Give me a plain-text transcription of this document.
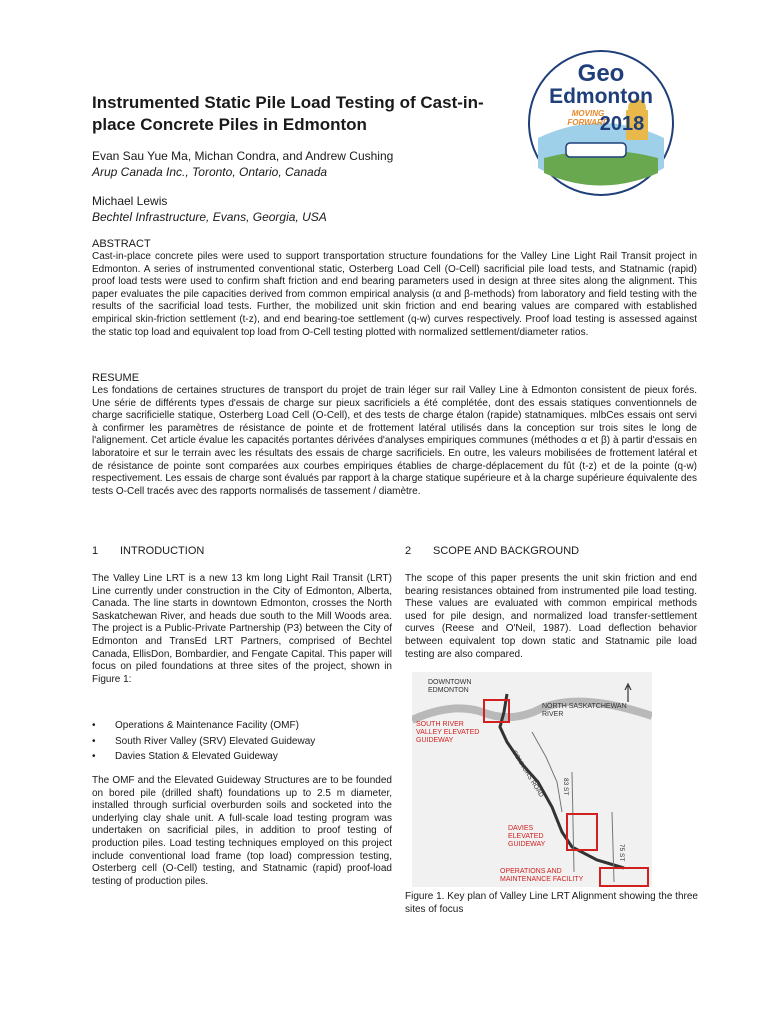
Instrumented Static Pile Load Testing of Cast-in-place Concrete Piles in Edmonton
Geo
Edmonton
MOVING
FORWARD
2018
Evan Sau Yue Ma, Michan Condra, and Andrew Cushing
Arup Canada Inc., Toronto, Ontario, Canada
Michael Lewis
Bechtel Infrastructure, Evans, Georgia, USA
ABSTRACT

Cast-in-place concrete piles were used to support transportation structure foundations for the Valley Line Light Rail Transit project in Edmonton. A series of instrumented conventional static, Osterberg Load Cell (O-Cell) sacrificial pile load tests, and Statnamic (rapid) proof load tests were used to confirm shaft friction and end bearing parameters used in design at three sites along the alignment. This paper evaluates the pile capacities derived from common empirical analysis (α and β-methods) from laboratory and field testing with the results of the sacrificial load tests. Further, the mobilized unit skin friction and end bearing values are compared with established empirical skin-friction settlement (t-z), and end bearing-toe settlement (q-w) curves respectively. Proof load testing is assessed against the static top load and equivalent top load from O-Cell testing plotted with normalized settlement/diameter ratios.

RESUME

Les fondations de certaines structures de transport du projet de train léger sur rail Valley Line à Edmonton consistent de pieux forés. Une série de différents types d'essais de charge sur pieux sacrificiels a été complétée, dont des essais statiques conventionnels de charge sacrificielle statique, Osterberg Load Cell (O-Cell), et des tests de charge étalon (rapide) statnamiques. mlbCes essais ont servi à confirmer les paramètres de résistance de pointe et de frottement latéral utilisés dans la conception sur trois sites le long de l'alignement. Cet article évalue les capacités portantes dérivées d'analyses empiriques communes (méthodes α et β) à partir d'essais en laboratoire et sur le terrain avec les résultats des essais de charge sacrificiels. En outre, les valeurs mobilisées de frottement latéral et de résistance de pointe sont comparées aux courbes empiriques établies de charge-déplacement du fût (t-z) et de la pointe (q-w) respectivement. Les essais de charge sont évalués par rapport à la charge statique supérieure et à la charge supérieure équivalente des tests O-Cell tracés avec des rapports normalisés de tassement / diamètre.

1 INTRODUCTION	2 SCOPE AND BACKGROUND

The Valley Line LRT is a new 13 km long Light Rail Transit (LRT) Line currently under construction in the City of Edmonton, Alberta, Canada. The line starts in downtown Edmonton, crosses the North Saskatchewan River, and heads due south to the Mill Woods area. The project is a Public-Private Partnership (P3) between the City of Edmonton and TransEd LRT Partners, comprised of Bechtel Canada, EllisDon, Bombardier, and Fengate Capital. This paper will focus on piled foundations at three sites of the project, shown in Figure 1:

• Operations & Maintenance Facility (OMF)
• South River Valley (SRV) Elevated Guideway
• Davies Station & Elevated Guideway

The OMF and the Elevated Guideway Structures are to be founded on bored pile (drilled shaft) foundations up to 2.5 m diameter, installed through surficial overburden soils and socketed into the underlying clay shale unit. A full-scale load testing program was undertaken on sacrificial piles, in addition to proof testing of production piles. Load testing techniques employed on this project include conventional load frame (top load) compression testing, Osterberg cell (O-Cell) testing, and Statnamic (rapid) proof-load testing of production piles.

The scope of this paper presents the unit skin friction and end bearing resistances obtained from instrumented pile load testing. These values are evaluated with common empirical methods used for pile design, and normalized load transfer-settlement curves (Reese and O'Neil, 1987). Load deflection behavior between equivalent top down static and Statnamic pile load testing are also compared.

DOWNTOWN EDMONTON
NORTH SASKATCHEWAN RIVER
SOUTH RIVER VALLEY ELEVATED GUIDEWAY
CONNORS ROAD	83 ST
DAVIES ELEVATED GUIDEWAY	75 ST
OPERATIONS AND MAINTENANCE FACILITY

Figure 1. Key plan of Valley Line LRT Alignment showing the three sites of focus
